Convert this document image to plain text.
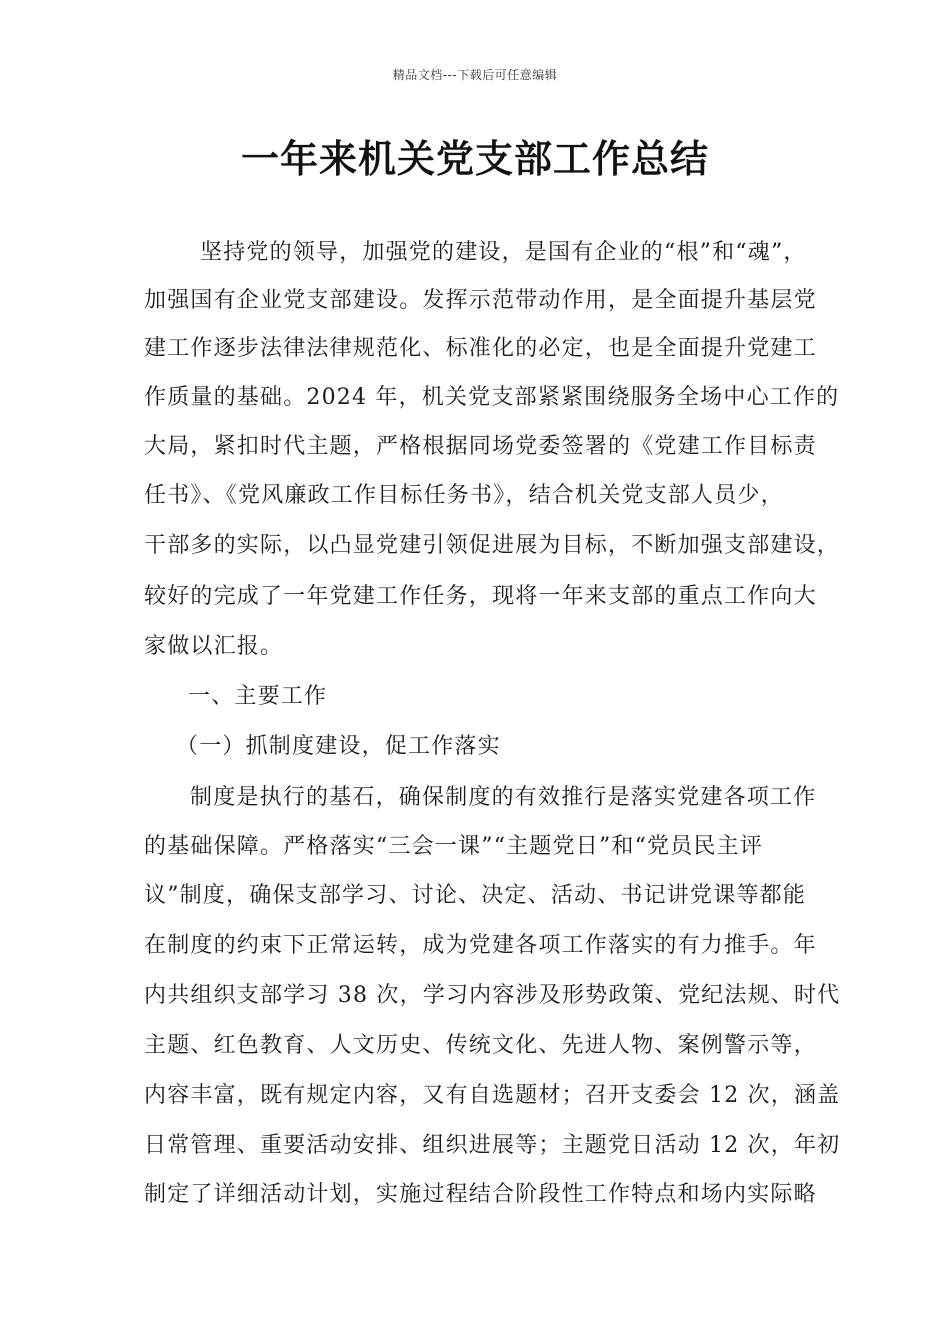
精品文档---下载后可任意编辑
一年来机关党支部工作总结
坚持党的领导，加强党的建设，是国有企业的“根”和“魂”，
加强国有企业党支部建设。发挥示范带动作用，是全面提升基层党
建工作逐步法律法律规范化、标准化的必定，也是全面提升党建工
作质量的基础。2024 年，机关党支部紧紧围绕服务全场中心工作的
大局，紧扣时代主题，严格根据同场党委签署的《党建工作目标责
任书》、《党风廉政工作目标任务书》，结合机关党支部人员少，
干部多的实际，以凸显党建引领促进展为目标，不断加强支部建设，
较好的完成了一年党建工作任务，现将一年来支部的重点工作向大
家做以汇报。
一、主要工作
（一）抓制度建设，促工作落实
制度是执行的基石，确保制度的有效推行是落实党建各项工作
的基础保障。严格落实“三会一课”“主题党日”和“党员民主评
议”制度，确保支部学习、讨论、决定、活动、书记讲党课等都能
在制度的约束下正常运转，成为党建各项工作落实的有力推手。年
内共组织支部学习 38 次，学习内容涉及形势政策、党纪法规、时代
主题、红色教育、人文历史、传统文化、先进人物、案例警示等，
内容丰富，既有规定内容，又有自选题材；召开支委会 12 次，涵盖
日常管理、重要活动安排、组织进展等；主题党日活动 12 次，年初
制定了详细活动计划，实施过程结合阶段性工作特点和场内实际略
